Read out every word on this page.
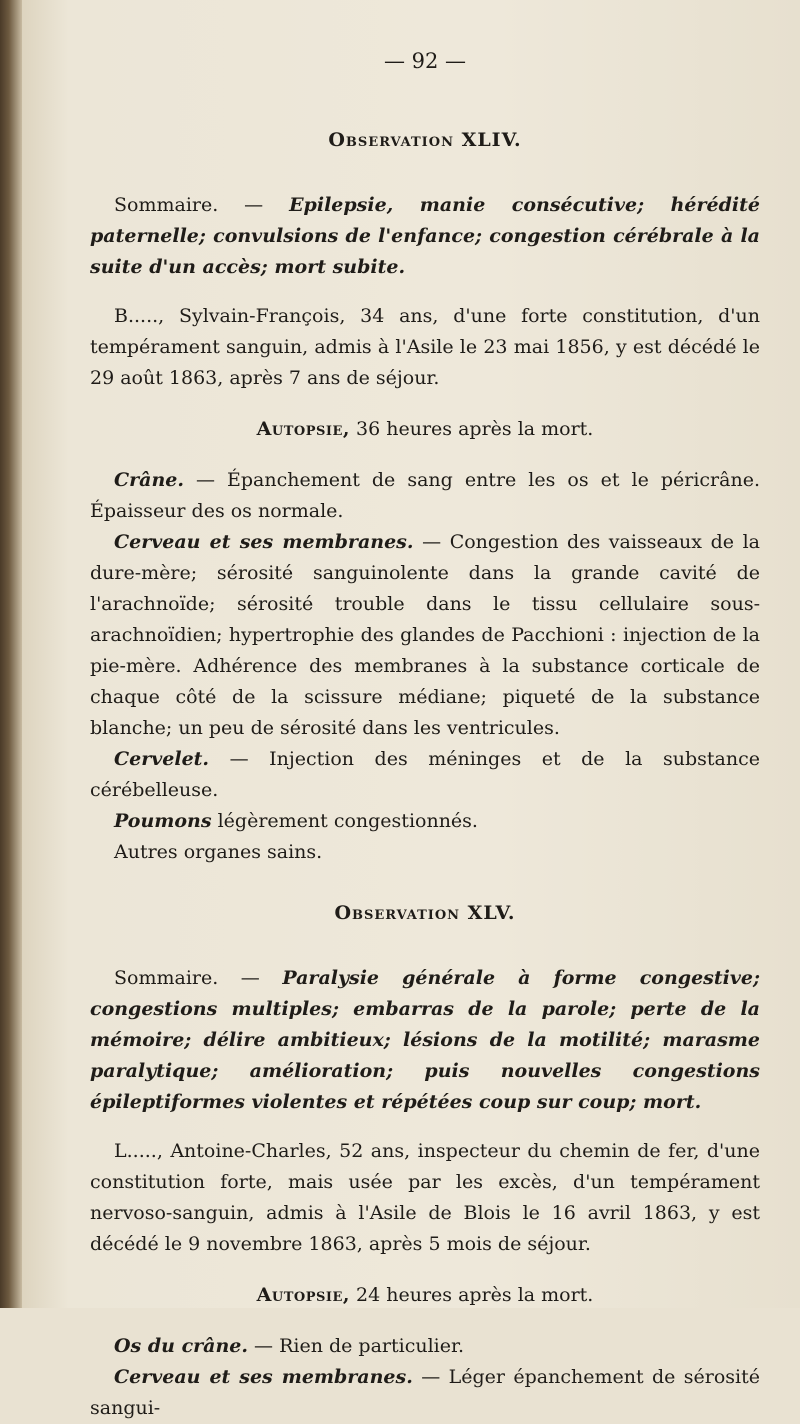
— 92 —
Observation XLIV.

Sommaire. — Epilepsie, manie consécutive; hérédité paternelle; convulsions de l'enfance; congestion cérébrale à la suite d'un accès; mort subite.

B....., Sylvain-François, 34 ans, d'une forte constitution, d'un tempérament sanguin, admis à l'Asile le 23 mai 1856, y est décédé le 29 août 1863, après 7 ans de séjour.

Autopsie, 36 heures après la mort.

Crâne. — Épanchement de sang entre les os et le péricrâne. Épaisseur des os normale.

Cerveau et ses membranes. — Congestion des vaisseaux de la dure-mère; sérosité sanguinolente dans la grande cavité de l'arachnoïde; sérosité trouble dans le tissu cellulaire sous-arachnoïdien; hypertrophie des glandes de Pacchioni : injection de la pie-mère. Adhérence des membranes à la substance corticale de chaque côté de la scissure médiane; piqueté de la substance blanche; un peu de sérosité dans les ventricules.

Cervelet. — Injection des méninges et de la substance cérébelleuse.

Poumons légèrement congestionnés.

Autres organes sains.

Observation XLV.

Sommaire. — Paralysie générale à forme congestive; congestions multiples; embarras de la parole; perte de la mémoire; délire ambitieux; lésions de la motilité; marasme paralytique; amélioration; puis nouvelles congestions épileptiformes violentes et répétées coup sur coup; mort.

L....., Antoine-Charles, 52 ans, inspecteur du chemin de fer, d'une constitution forte, mais usée par les excès, d'un tempérament nervoso-sanguin, admis à l'Asile de Blois le 16 avril 1863, y est décédé le 9 novembre 1863, après 5 mois de séjour.

Autopsie, 24 heures après la mort.

Os du crâne. — Rien de particulier.

Cerveau et ses membranes. — Léger épanchement de sérosité sangui-
